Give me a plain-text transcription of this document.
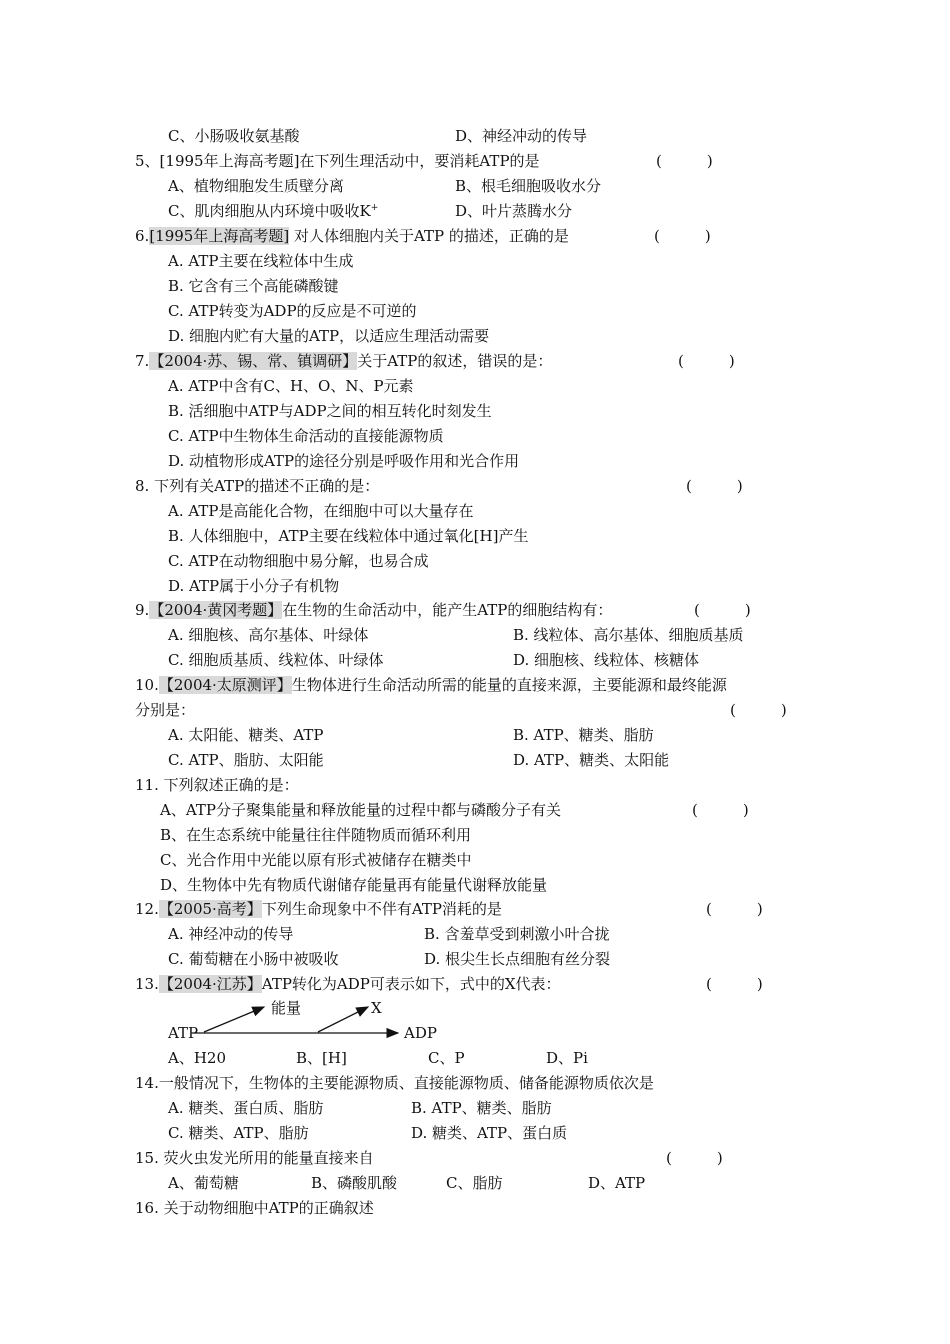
C、小肠吸收氨基酸	D、神经冲动的传导
5、[1995年上海高考题]在下列生理活动中，要消耗ATP的是	(　　　)
A、植物细胞发生质壁分离	B、根毛细胞吸收水分
C、肌肉细胞从内环境中吸收K+	D、叶片蒸腾水分
6.[1995年上海高考题] 对人体细胞内关于ATP 的描述，正确的是	(　　　)
A. ATP主要在线粒体中生成
B. 它含有三个高能磷酸键
C. ATP转变为ADP的反应是不可逆的
D. 细胞内贮有大量的ATP，以适应生理活动需要
7.【2004·苏、锡、常、镇调研】关于ATP的叙述，错误的是：	(　　　)
A. ATP中含有C、H、O、N、P元素
B. 活细胞中ATP与ADP之间的相互转化时刻发生
C. ATP中生物体生命活动的直接能源物质
D. 动植物形成ATP的途径分别是呼吸作用和光合作用
8. 下列有关ATP的描述不正确的是：	(　　　)
A. ATP是高能化合物，在细胞中可以大量存在
B. 人体细胞中，ATP主要在线粒体中通过氧化[H]产生
C. ATP在动物细胞中易分解，也易合成
D. ATP属于小分子有机物
9.【2004·黄冈考题】在生物的生命活动中，能产生ATP的细胞结构有：	(　　　)
A. 细胞核、高尔基体、叶绿体	B. 线粒体、高尔基体、细胞质基质
C. 细胞质基质、线粒体、叶绿体	D. 细胞核、线粒体、核糖体
10.【2004·太原测评】生物体进行生命活动所需的能量的直接来源，主要能源和最终能源
分别是：	(　　　)
A. 太阳能、糖类、ATP	B. ATP、糖类、脂肪
C. ATP、脂肪、太阳能	D. ATP、糖类、太阳能
11. 下列叙述正确的是：
A、ATP分子聚集能量和释放能量的过程中都与磷酸分子有关	(　　　)
B、在生态系统中能量往往伴随物质而循环利用
C、光合作用中光能以原有形式被储存在糖类中
D、生物体中先有物质代谢储存能量再有能量代谢释放能量
12.【2005·高考】下列生命现象中不伴有ATP消耗的是	(　　　)
A. 神经冲动的传导	B. 含羞草受到刺激小叶合拢
C. 葡萄糖在小肠中被吸收	D. 根尖生长点细胞有丝分裂
13.【2004·江苏】ATP转化为ADP可表示如下，式中的X代表：	(　　　)
能量	X
ATP	ADP
A、H20	B、[H]	C、P	D、Pi
14.一般情况下，生物体的主要能源物质、直接能源物质、储备能源物质依次是
A. 糖类、蛋白质、脂肪	B. ATP、糖类、脂肪
C. 糖类、ATP、脂肪	D. 糖类、ATP、蛋白质
15. 荧火虫发光所用的能量直接来自	(　　　)
A、葡萄糖	B、磷酸肌酸	C、脂肪	D、ATP
16. 关于动物细胞中ATP的正确叙述
